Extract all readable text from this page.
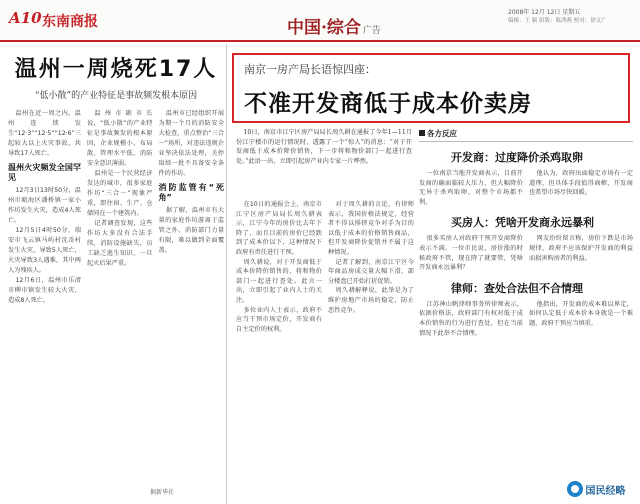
A10 东南商报	中国·综合 广告
2008年 12月 12日 星期五
编辑：王 颖 组版：陈鸿燕 校对：徐文广
温州一周烧死17人
“低小散”的产业特征是事故频发根本原因

温州在近一周之内，温州连续发生“12·3”“12·5”“12·6”三起较大以上火灾事故，共导致17人死亡。

温州火灾频发全国罕见

12月3日13时50分，温州市瓯海区潘桥镇一家小作坊发生火灾，造成4人死亡。

12月5日4时50分，瑞安市飞云镇马屿村沈岙村发生火灾，导致5人死亡，火灾导致3人遇难，其中两人为残疾人。

12月6日，温州市乐清市柳市镇发生较大火灾，造成8人死亡。

温州市副市长说，“低小散”的产业特征是事故频发的根本原因，企业规模小、布局散、管理水平低，消防安全意识薄弱。

温州是一个民营经济发达的城市，很多家庭作坊“三合一”现象严重，即住宿、生产、仓储同在一个建筑内。

记者调查发现，这些作坊大多没有合法手续，消防设施缺失，员工缺乏逃生知识，一旦起火后果严重。

温州市已经组织开展为期一个月的消防安全大检查，重点整治“三合一”场所，对违法违规企业坚决依法处理，关停取缔一批不具备安全条件的作坊。

消防监管有“死角”

据了解，温州市有大量的家庭作坊游离于监管之外，消防部门力量有限，难以做到全面覆盖。

据新华社
南京一房产局长语惊四座：
不准开发商低于成本价卖房

10日，南京市江宁区房产局局长周久耕在通报了今年1—11月份江宁楼市的运行情况时，透露了一个“惊人”的消息：“对于开发商低于成本价降价销售，下一步将和物价部门一起进行查处。”此语一出，立即引起房产业内专家一片哗然。

在10日的通报会上，南京市江宁区房产局局长周久耕表示，江宁今年的房价比去年下降了，而且目前的房价已经跌到了成本价以下，这种情况下政府有责任进行干预。

周久耕说，对于开发商低于成本价降价销售的，将和物价部门一起进行查处。此言一出，立即引起了业内人士的关注。

多位业内人士表示，政府不应当干预市场定价，开发商有自主定价的权利。

对于周久耕的言论，有律师表示，我国价格法规定，经营者不得以排挤竞争对手为目的以低于成本的价格销售商品，但开发商降价促销并不属于这种情况。

记者了解到，南京江宁区今年商品房成交量大幅下滑，部分楼盘已开始打折促销。

周久耕解释说，此举是为了维护房地产市场的稳定，防止恶性竞争。

各方反应
开发商：过度降价杀鸡取卵

一位南京当地开发商表示，目前开发商的确面临较大压力，但大幅降价无异于杀鸡取卵，对整个市场都不利。

他认为，政府出面稳定市场有一定道理，但具体手段值得商榷，开发商也希望市场尽快回暖。

买房人：凭啥开发商永远暴利

很多买房人对政府干预开发商降价表示不满。一位市民说，房价涨的时候政府不管，现在降了就要管，凭啥开发商永远暴利？

网友纷纷留言称，房价下跌是市场规律，政府不应该保护开发商的利益而损害购房者的利益。

律师：查处合法但不合情理

江苏神山帆律师事务所律师表示，依据价格法，政府部门有权对低于成本价销售的行为进行查处，但在当前情况下此举不合情理。

他指出，开发商的成本难以界定，如何认定低于成本价本身就是一个难题，政府干预应当慎重。

国民经略
